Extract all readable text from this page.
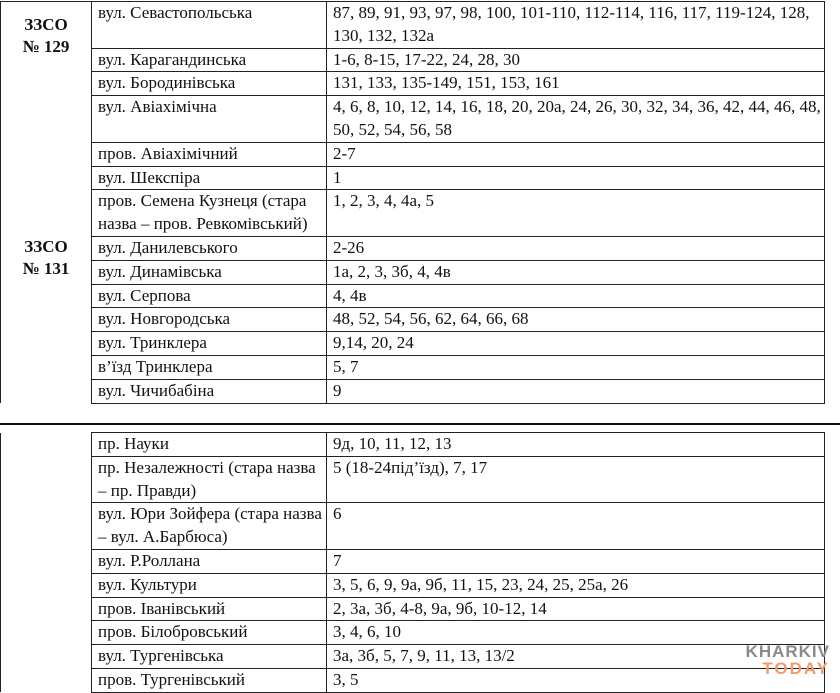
ЗЗСО
№ 129	вул. Севастопольська	87, 89, 91, 93, 97, 98, 100, 101-110, 112-114, 116, 117, 119-124, 128, 130, 132, 132а
	вул. Карагандинська	1-6, 8-15, 17-22, 24, 28, 30
	вул. Бородинівська	131, 133, 135-149, 151, 153, 161
	вул. Авіахімічна	4, 6, 8, 10, 12, 14, 16, 18, 20, 20а, 24, 26, 30, 32, 34, 36, 42, 44, 46, 48, 50, 52, 54, 56, 58
	пров. Авіахімічний	2-7
	вул. Шекспіра	1
	пров. Семена Кузнеця (стара назва – пров. Ревкомівський)	1, 2, 3, 4, 4а, 5

ЗЗСО
№ 131	вул. Данилевського	2-26
	вул. Динамівська	1а, 2, 3, 3б, 4, 4в
	вул. Серпова	4, 4в
	вул. Новгородська	48, 52, 54, 56, 62, 64, 66, 68
	вул. Тринклера	9,14, 20, 24
	в’їзд Тринклера	5, 7
	вул. Чичибабіна	9
	пр. Науки	9д, 10, 11, 12, 13
	пр. Незалежності (стара назва – пр. Правди)	5 (18-24під’їзд), 7, 17
	вул. Юри Зойфера (стара назва – вул. А.Барбюса)	6
	вул. Р.Роллана	7
	вул. Культури	3, 5, 6, 9, 9а, 9б, 11, 15, 23, 24, 25, 25а, 26
	пров. Іванівський	2, 3а, 3б, 4-8, 9а, 9б, 10-12, 14
	пров. Білобровський	3, 4, 6, 10
	вул. Тургенівська	3а, 3б, 5, 7, 9, 11, 13, 13/2
	пров. Тургенівський	3, 5
KHARKIV
TODAY
